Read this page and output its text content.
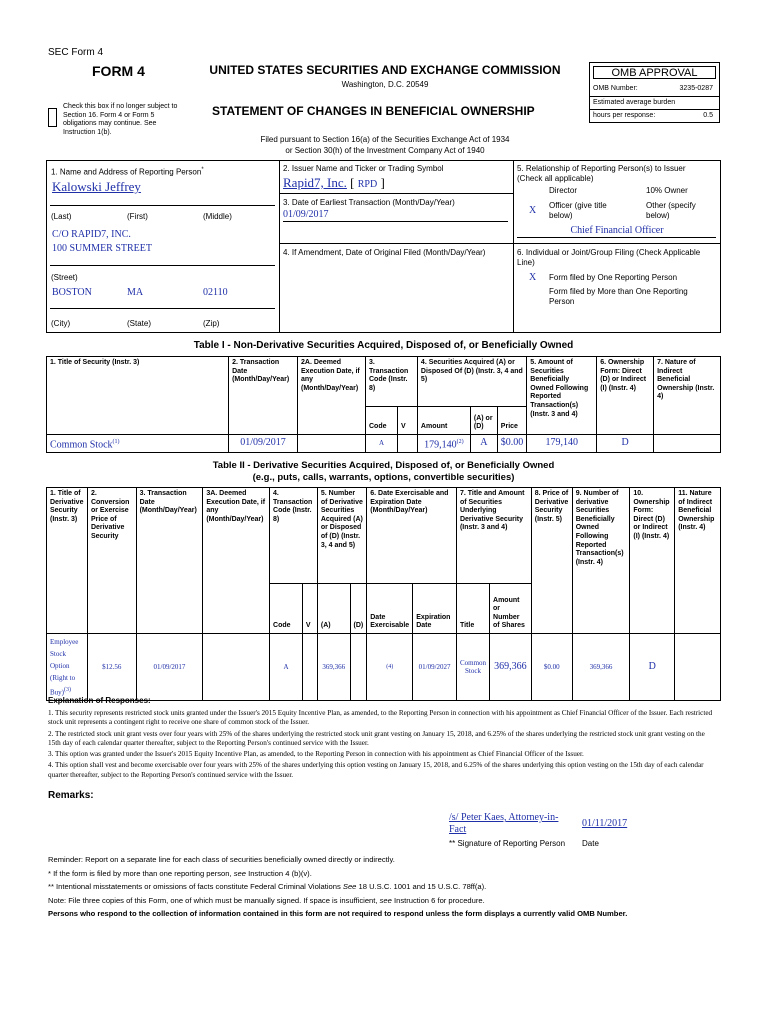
SEC Form 4
FORM 4	UNITED STATES SECURITIES AND EXCHANGE COMMISSION
Washington, D.C. 20549
STATEMENT OF CHANGES IN BENEFICIAL OWNERSHIP
Filed pursuant to Section 16(a) of the Securities Exchange Act of 1934
or Section 30(h) of the Investment Company Act of 1940
Check this box if no longer subject to Section 16. Form 4 or Form 5 obligations may continue. See Instruction 1(b).
OMB APPROVAL
OMB Number:	3235-0287
Estimated average burden
hours per response:	0.5
1. Name and Address of Reporting Person*
Kalowski Jeffrey
(Last)	(First)	(Middle)
C/O RAPID7, INC.
100 SUMMER STREET
(Street)
BOSTON	MA	02110
(City)	(State)	(Zip)
2. Issuer Name and Ticker or Trading Symbol
Rapid7, Inc. [ RPD ]
3. Date of Earliest Transaction (Month/Day/Year)
01/09/2017
4. If Amendment, Date of Original Filed (Month/Day/Year)
5. Relationship of Reporting Person(s) to Issuer
(Check all applicable)
Director	10% Owner
X Officer (give title below)
Other (specify below)
Chief Financial Officer
6. Individual or Joint/Group Filing (Check Applicable Line)
X Form filed by One Reporting Person
Form filed by More than One Reporting Person
Table I - Non-Derivative Securities Acquired, Disposed of, or Beneficially Owned
1. Title of Security (Instr. 3)	2. Transaction Date (Month/Day/Year)	2A. Deemed Execution Date, if any (Month/Day/Year)	3. Transaction Code (Instr. 8)		4. Securities Acquired (A) or Disposed Of (D) (Instr. 3, 4 and 5)			5. Amount of Securities Beneficially Owned Following Reported Transaction(s) (Instr. 3 and 4)	6. Ownership Form: Direct (D) or Indirect (I) (Instr. 4)	7. Nature of Indirect Beneficial Ownership (Instr. 4)
			Code	V	Amount	(A) or (D)	Price			
Common Stock$^{(1)}$	01/09/2017		A		179,140$^{(2)}$	A	$0.00	179,140	D	
Table II - Derivative Securities Acquired, Disposed of, or Beneficially Owned
(e.g., puts, calls, warrants, options, convertible securities)
1. Title of Derivative Security (Instr. 3)	2. Conversion or Exercise Price of Derivative Security	3. Transaction Date (Month/Day/Year)	3A. Deemed Execution Date, if any (Month/Day/Year)	4. Transaction Code (Instr. 8)		5. Number of Derivative Securities Acquired (A) or Disposed of (D) (Instr. 3, 4 and 5)		6. Date Exercisable and Expiration Date (Month/Day/Year)		7. Title and Amount of Securities Underlying Derivative Security (Instr. 3 and 4)		8. Price of Derivative Security (Instr. 5)	9. Number of derivative Securities Beneficially Owned Following Reported Transaction(s) (Instr. 4)	10. Ownership Form: Direct (D) or Indirect (I) (Instr. 4)	11. Nature of Indirect Beneficial Ownership (Instr. 4)
				Code	V	(A)	(D)	Date Exercisable	Expiration Date	Title	Amount or Number of Shares				
Employee Stock Option (Right to Buy)$^{(3)}$	$12.56	01/09/2017		A		369,366		(4)	01/09/2027	Common Stock	369,366	$0.00	369,366	D	
Explanation of Responses:
1. This security represents restricted stock units granted under the Issuer's 2015 Equity Incentive Plan, as amended, to the Reporting Person in connection with his appointment as Chief Financial Officer of the Issuer. Each restricted stock unit represents a contingent right to receive one share of common stock of the Issuer.
2. The restricted stock unit grant vests over four years with 25% of the shares underlying the restricted stock unit grant vesting on January 15, 2018, and 6.25% of the shares underlying the restricted stock unit grant vesting on the 15th day of each calendar quarter thereafter, subject to the Reporting Person's continued service with the Issuer.
3. This option was granted under the Issuer's 2015 Equity Incentive Plan, as amended, to the Reporting Person in connection with his appointment as Chief Financial Officer of the Issuer.
4. This option shall vest and become exercisable over four years with 25% of the shares underlying this option vesting on January 15, 2018, and 6.25% of the shares underlying this option vesting on the 15th day of each calendar quarter thereafter, subject to the Reporting Person's continued service with the Issuer.
Remarks:
/s/ Peter Kaes, Attorney-in-Fact
01/11/2017
** Signature of Reporting Person Date
Reminder: Report on a separate line for each class of securities beneficially owned directly or indirectly.
* If the form is filed by more than one reporting person, see Instruction 4 (b)(v).
** Intentional misstatements or omissions of facts constitute Federal Criminal Violations See 18 U.S.C. 1001 and 15 U.S.C. 78ff(a).
Note: File three copies of this Form, one of which must be manually signed. If space is insufficient, see Instruction 6 for procedure.
Persons who respond to the collection of information contained in this form are not required to respond unless the form displays a currently valid OMB Number.
